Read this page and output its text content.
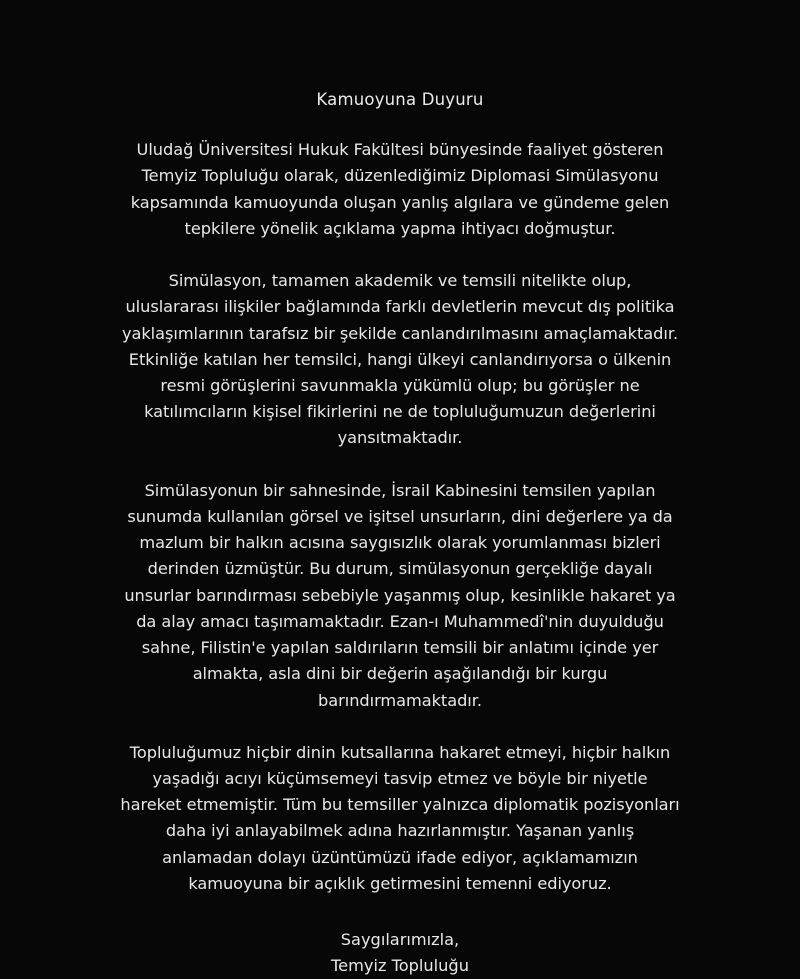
Kamuoyuna Duyuru

Uludağ Üniversitesi Hukuk Fakültesi bünyesinde faaliyet gösteren Temyiz Topluluğu olarak, düzenlediğimiz Diplomasi Simülasyonu kapsamında kamuoyunda oluşan yanlış algılara ve gündeme gelen tepkilere yönelik açıklama yapma ihtiyacı doğmuştur.

Simülasyon, tamamen akademik ve temsili nitelikte olup, uluslararası ilişkiler bağlamında farklı devletlerin mevcut dış politika yaklaşımlarının tarafsız bir şekilde canlandırılmasını amaçlamaktadır. Etkinliğe katılan her temsilci, hangi ülkeyi canlandırıyorsa o ülkenin resmi görüşlerini savunmakla yükümlü olup; bu görüşler ne katılımcıların kişisel fikirlerini ne de topluluğumuzun değerlerini yansıtmaktadır.

Simülasyonun bir sahnesinde, İsrail Kabinesini temsilen yapılan sunumda kullanılan görsel ve işitsel unsurların, dini değerlere ya da mazlum bir halkın acısına saygısızlık olarak yorumlanması bizleri derinden üzmüştür. Bu durum, simülasyonun gerçekliğe dayalı unsurlar barındırması sebebiyle yaşanmış olup, kesinlikle hakaret ya da alay amacı taşımamaktadır. Ezan-ı Muhammedî'nin duyulduğu sahne, Filistin'e yapılan saldırıların temsili bir anlatımı içinde yer almakta, asla dini bir değerin aşağılandığı bir kurgu barındırmamaktadır.

Topluluğumuz hiçbir dinin kutsallarına hakaret etmeyi, hiçbir halkın yaşadığı acıyı küçümsemeyi tasvip etmez ve böyle bir niyetle hareket etmemiştir. Tüm bu temsiller yalnızca diplomatik pozisyonları daha iyi anlayabilmek adına hazırlanmıştır. Yaşanan yanlış anlamadan dolayı üzüntümüzü ifade ediyor, açıklamamızın kamuoyuna bir açıklık getirmesini temenni ediyoruz.

Saygılarımızla,
Temyiz Topluluğu
